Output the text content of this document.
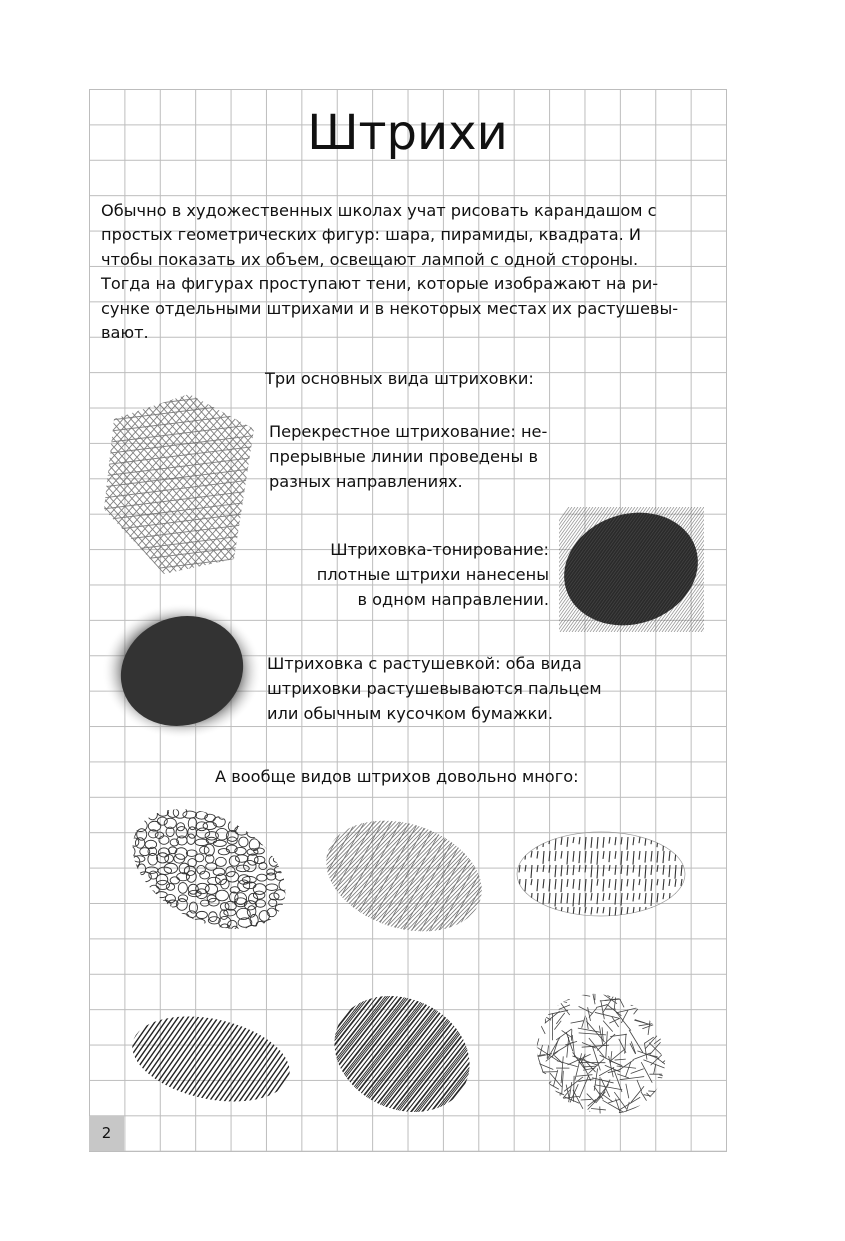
Штрихи

Обычно в художественных школах учат рисовать карандашом с
простых геометрических фигур: шара, пирамиды, квадрата. И
чтобы показать их объем, освещают лампой с одной стороны.
Тогда на фигурах проступают тени, которые изображают на ри-
сунке отдельными штрихами и в некоторых местах их растушевы-
вают.

Три основных вида штриховки:

Перекрестное штрихование: не-
прерывные линии проведены в
разных направлениях.

Штриховка-тонирование:
плотные штрихи нанесены
в одном направлении.

Штриховка с растушевкой: оба вида
штриховки растушевываются пальцем
или обычным кусочком бумажки.

А вообще видов штрихов довольно много:

2
